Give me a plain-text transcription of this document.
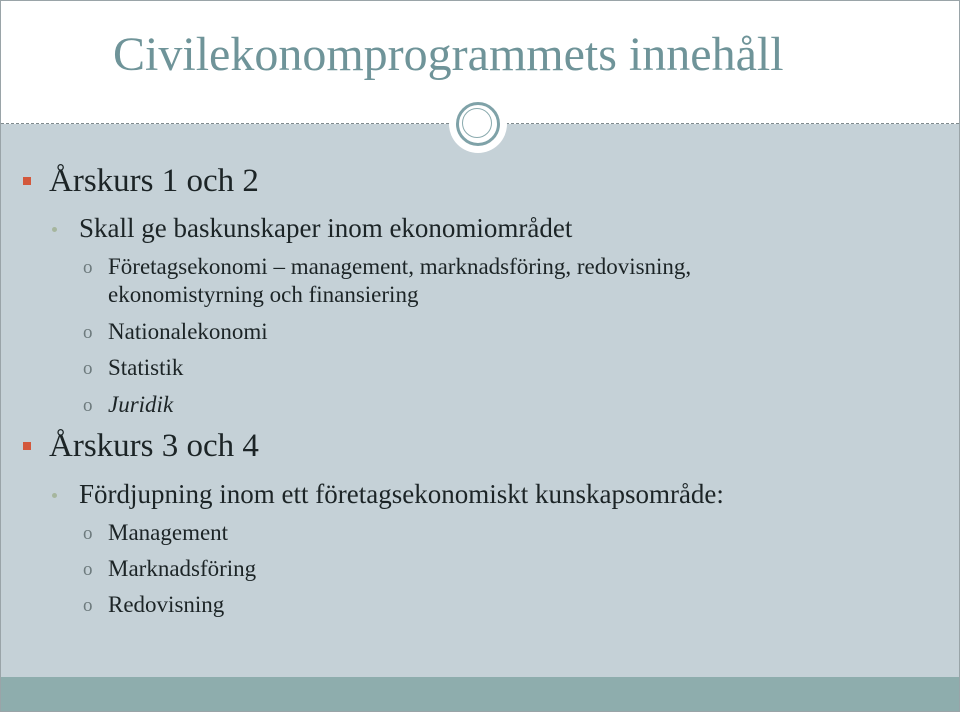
Civilekonomprogrammets innehåll
Årskurs 1 och 2
Skall ge baskunskaper inom ekonomiområdet
o Företagsekonomi – management, marknadsföring, redovisning,
ekonomistyrning och finansiering
o Nationalekonomi
o Statistik
o Juridik
Årskurs 3 och 4
Fördjupning inom ett företagsekonomiskt kunskapsområde:
o Management
o Marknadsföring
o Redovisning
